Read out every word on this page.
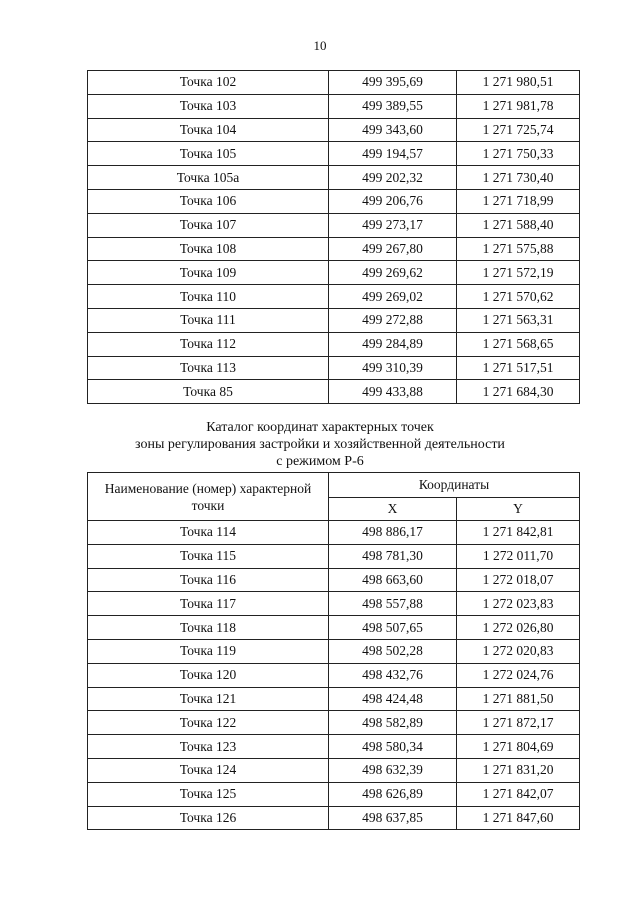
10
Точка 102	499 395,69	1 271 980,51
Точка 103	499 389,55	1 271 981,78
Точка 104	499 343,60	1 271 725,74
Точка 105	499 194,57	1 271 750,33
Точка 105а	499 202,32	1 271 730,40
Точка 106	499 206,76	1 271 718,99
Точка 107	499 273,17	1 271 588,40
Точка 108	499 267,80	1 271 575,88
Точка 109	499 269,62	1 271 572,19
Точка 110	499 269,02	1 271 570,62
Точка 111	499 272,88	1 271 563,31
Точка 112	499 284,89	1 271 568,65
Точка 113	499 310,39	1 271 517,51
Точка 85	499 433,88	1 271 684,30
Каталог координат характерных точек
зоны регулирования застройки и хозяйственной деятельности
с режимом Р-6
Наименование (номер) характерной точки	Координаты	
	X	Y
Точка 114	498 886,17	1 271 842,81
Точка 115	498 781,30	1 272 011,70
Точка 116	498 663,60	1 272 018,07
Точка 117	498 557,88	1 272 023,83
Точка 118	498 507,65	1 272 026,80
Точка 119	498 502,28	1 272 020,83
Точка 120	498 432,76	1 272 024,76
Точка 121	498 424,48	1 271 881,50
Точка 122	498 582,89	1 271 872,17
Точка 123	498 580,34	1 271 804,69
Точка 124	498 632,39	1 271 831,20
Точка 125	498 626,89	1 271 842,07
Точка 126	498 637,85	1 271 847,60
